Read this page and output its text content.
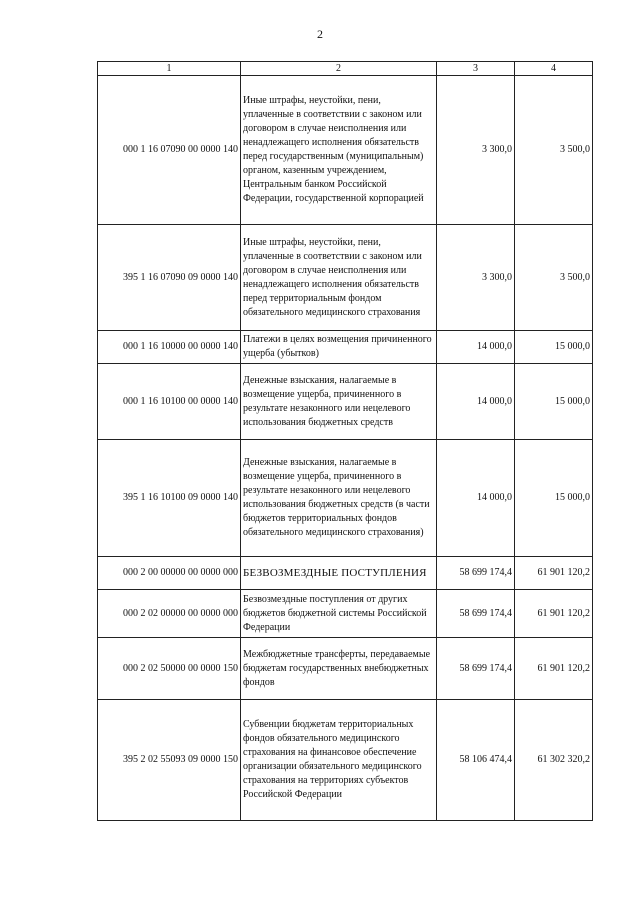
2
1	2	3	4
000 1 16 07090 00 0000 140	Иные штрафы, неустойки, пени, уплаченные в соответствии с законом или договором в случае неисполнения или ненадлежащего исполнения обязательств перед государственным (муниципальным) органом, казенным учреждением, Центральным банком Российской Федерации, государственной корпорацией	3 300,0	3 500,0
395 1 16 07090 09 0000 140	Иные штрафы, неустойки, пени, уплаченные в соответствии с законом или договором в случае неисполнения или ненадлежащего исполнения обязательств перед территориальным фондом обязательного медицинского страхования	3 300,0	3 500,0
000 1 16 10000 00 0000 140	Платежи в целях возмещения причиненного ущерба (убытков)	14 000,0	15 000,0
000 1 16 10100 00 0000 140	Денежные взыскания, налагаемые в возмещение ущерба, причиненного в результате незаконного или нецелевого использования бюджетных средств	14 000,0	15 000,0
395 1 16 10100 09 0000 140	Денежные взыскания, налагаемые в возмещение ущерба, причиненного в результате незаконного или нецелевого использования бюджетных средств (в части бюджетов территориальных фондов обязательного медицинского страхования)	14 000,0	15 000,0
000 2 00 00000 00 0000 000	БЕЗВОЗМЕЗДНЫЕ ПОСТУПЛЕНИЯ	58 699 174,4	61 901 120,2
000 2 02 00000 00 0000 000	Безвозмездные поступления от других бюджетов бюджетной системы Российской Федерации	58 699 174,4	61 901 120,2
000 2 02 50000 00 0000 150	Межбюджетные трансферты, передаваемые бюджетам государственных внебюджетных фондов	58 699 174,4	61 901 120,2
395 2 02 55093 09 0000 150	Субвенции бюджетам территориальных фондов обязательного медицинского страхования на финансовое обеспечение организации обязательного медицинского страхования на территориях субъектов Российской Федерации	58 106 474,4	61 302 320,2
